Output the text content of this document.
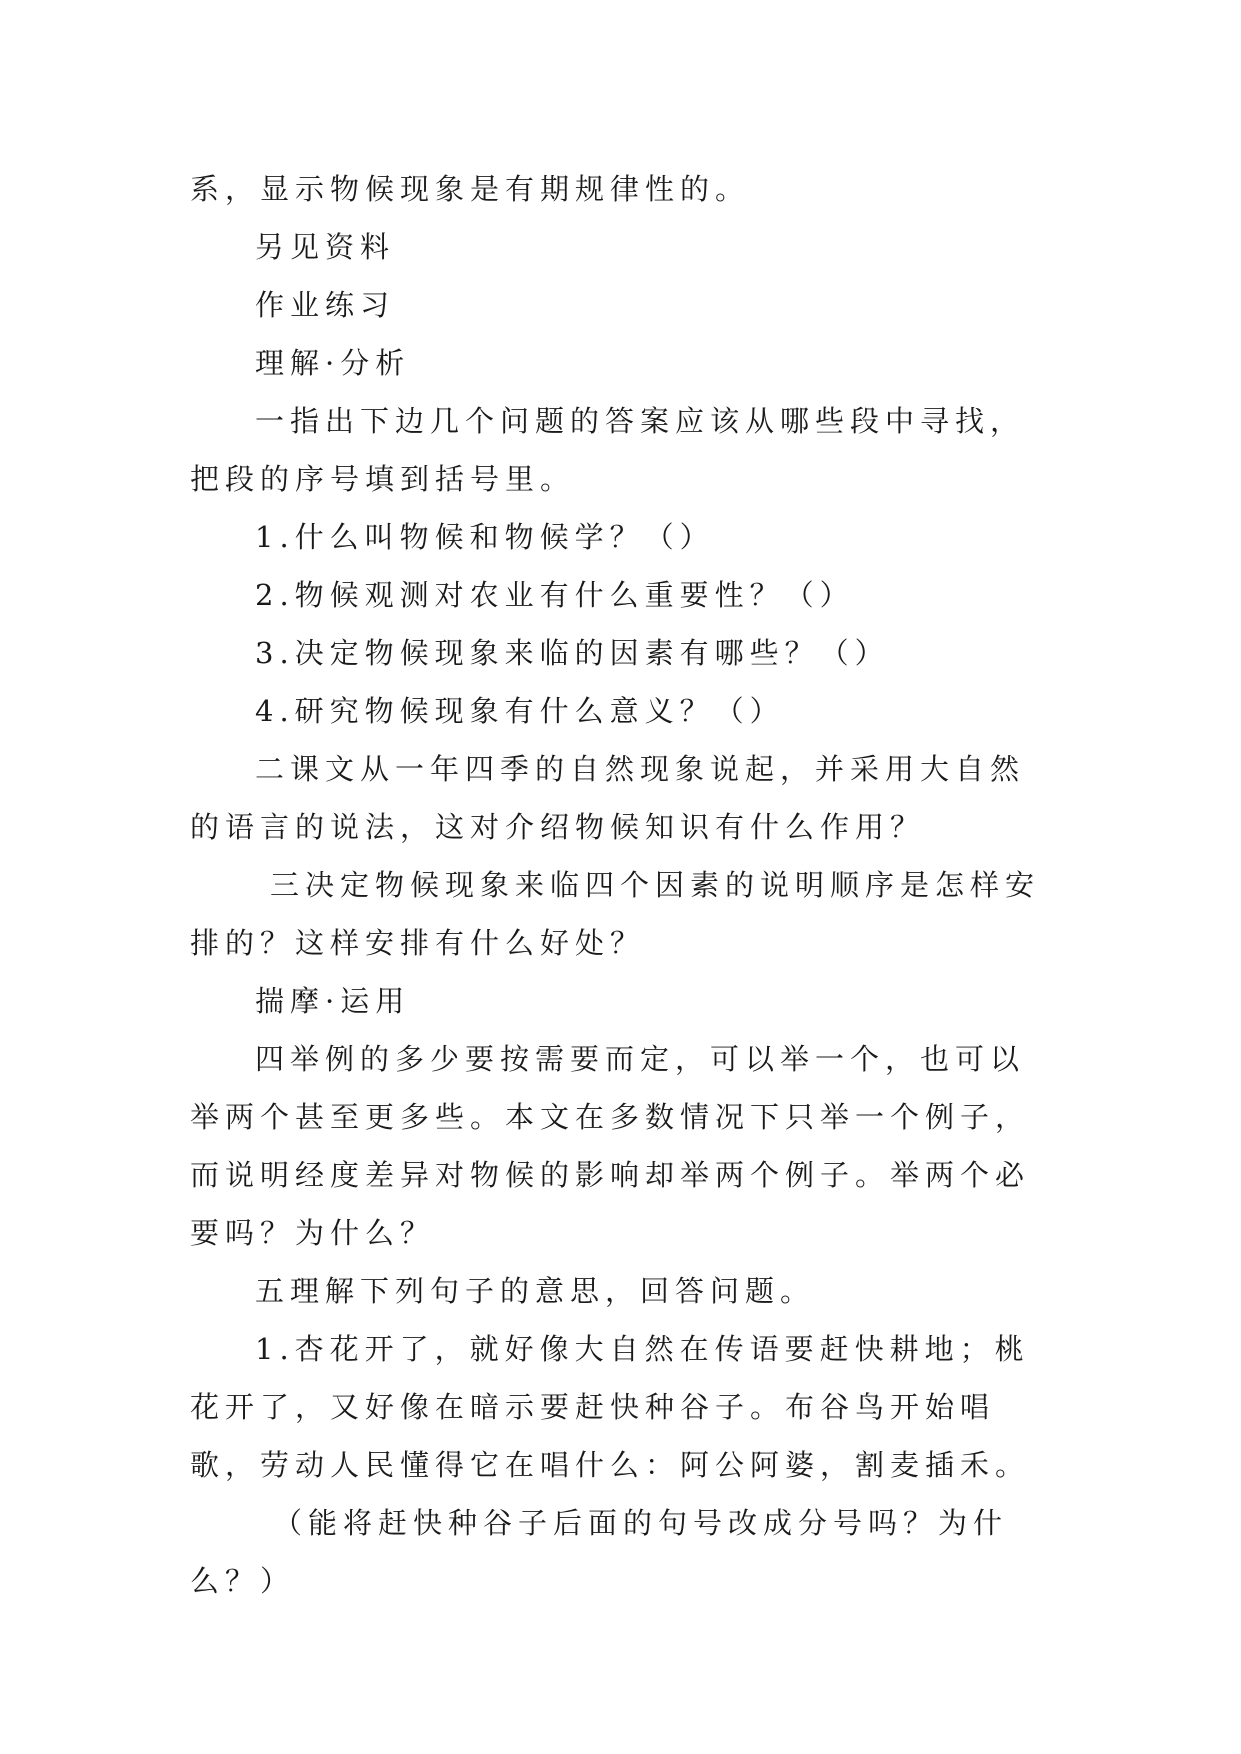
系，显示物候现象是有期规律性的。

另见资料

作业练习

理解·分析

一指出下边几个问题的答案应该从哪些段中寻找，把段的序号填到括号里。

1.什么叫物候和物候学？（）

2.物候观测对农业有什么重要性？（）

3.决定物候现象来临的因素有哪些？（）

4.研究物候现象有什么意义？（）

二课文从一年四季的自然现象说起，并采用大自然的语言的说法，这对介绍物候知识有什么作用？

三决定物候现象来临四个因素的说明顺序是怎样安排的？这样安排有什么好处？

揣摩·运用

四举例的多少要按需要而定，可以举一个，也可以举两个甚至更多些。本文在多数情况下只举一个例子，而说明经度差异对物候的影响却举两个例子。举两个必要吗？为什么？

五理解下列句子的意思，回答问题。

1.杏花开了，就好像大自然在传语要赶快耕地；桃花开了，又好像在暗示要赶快种谷子。布谷鸟开始唱歌，劳动人民懂得它在唱什么：阿公阿婆，割麦插禾。

（能将赶快种谷子后面的句号改成分号吗？为什么？）
